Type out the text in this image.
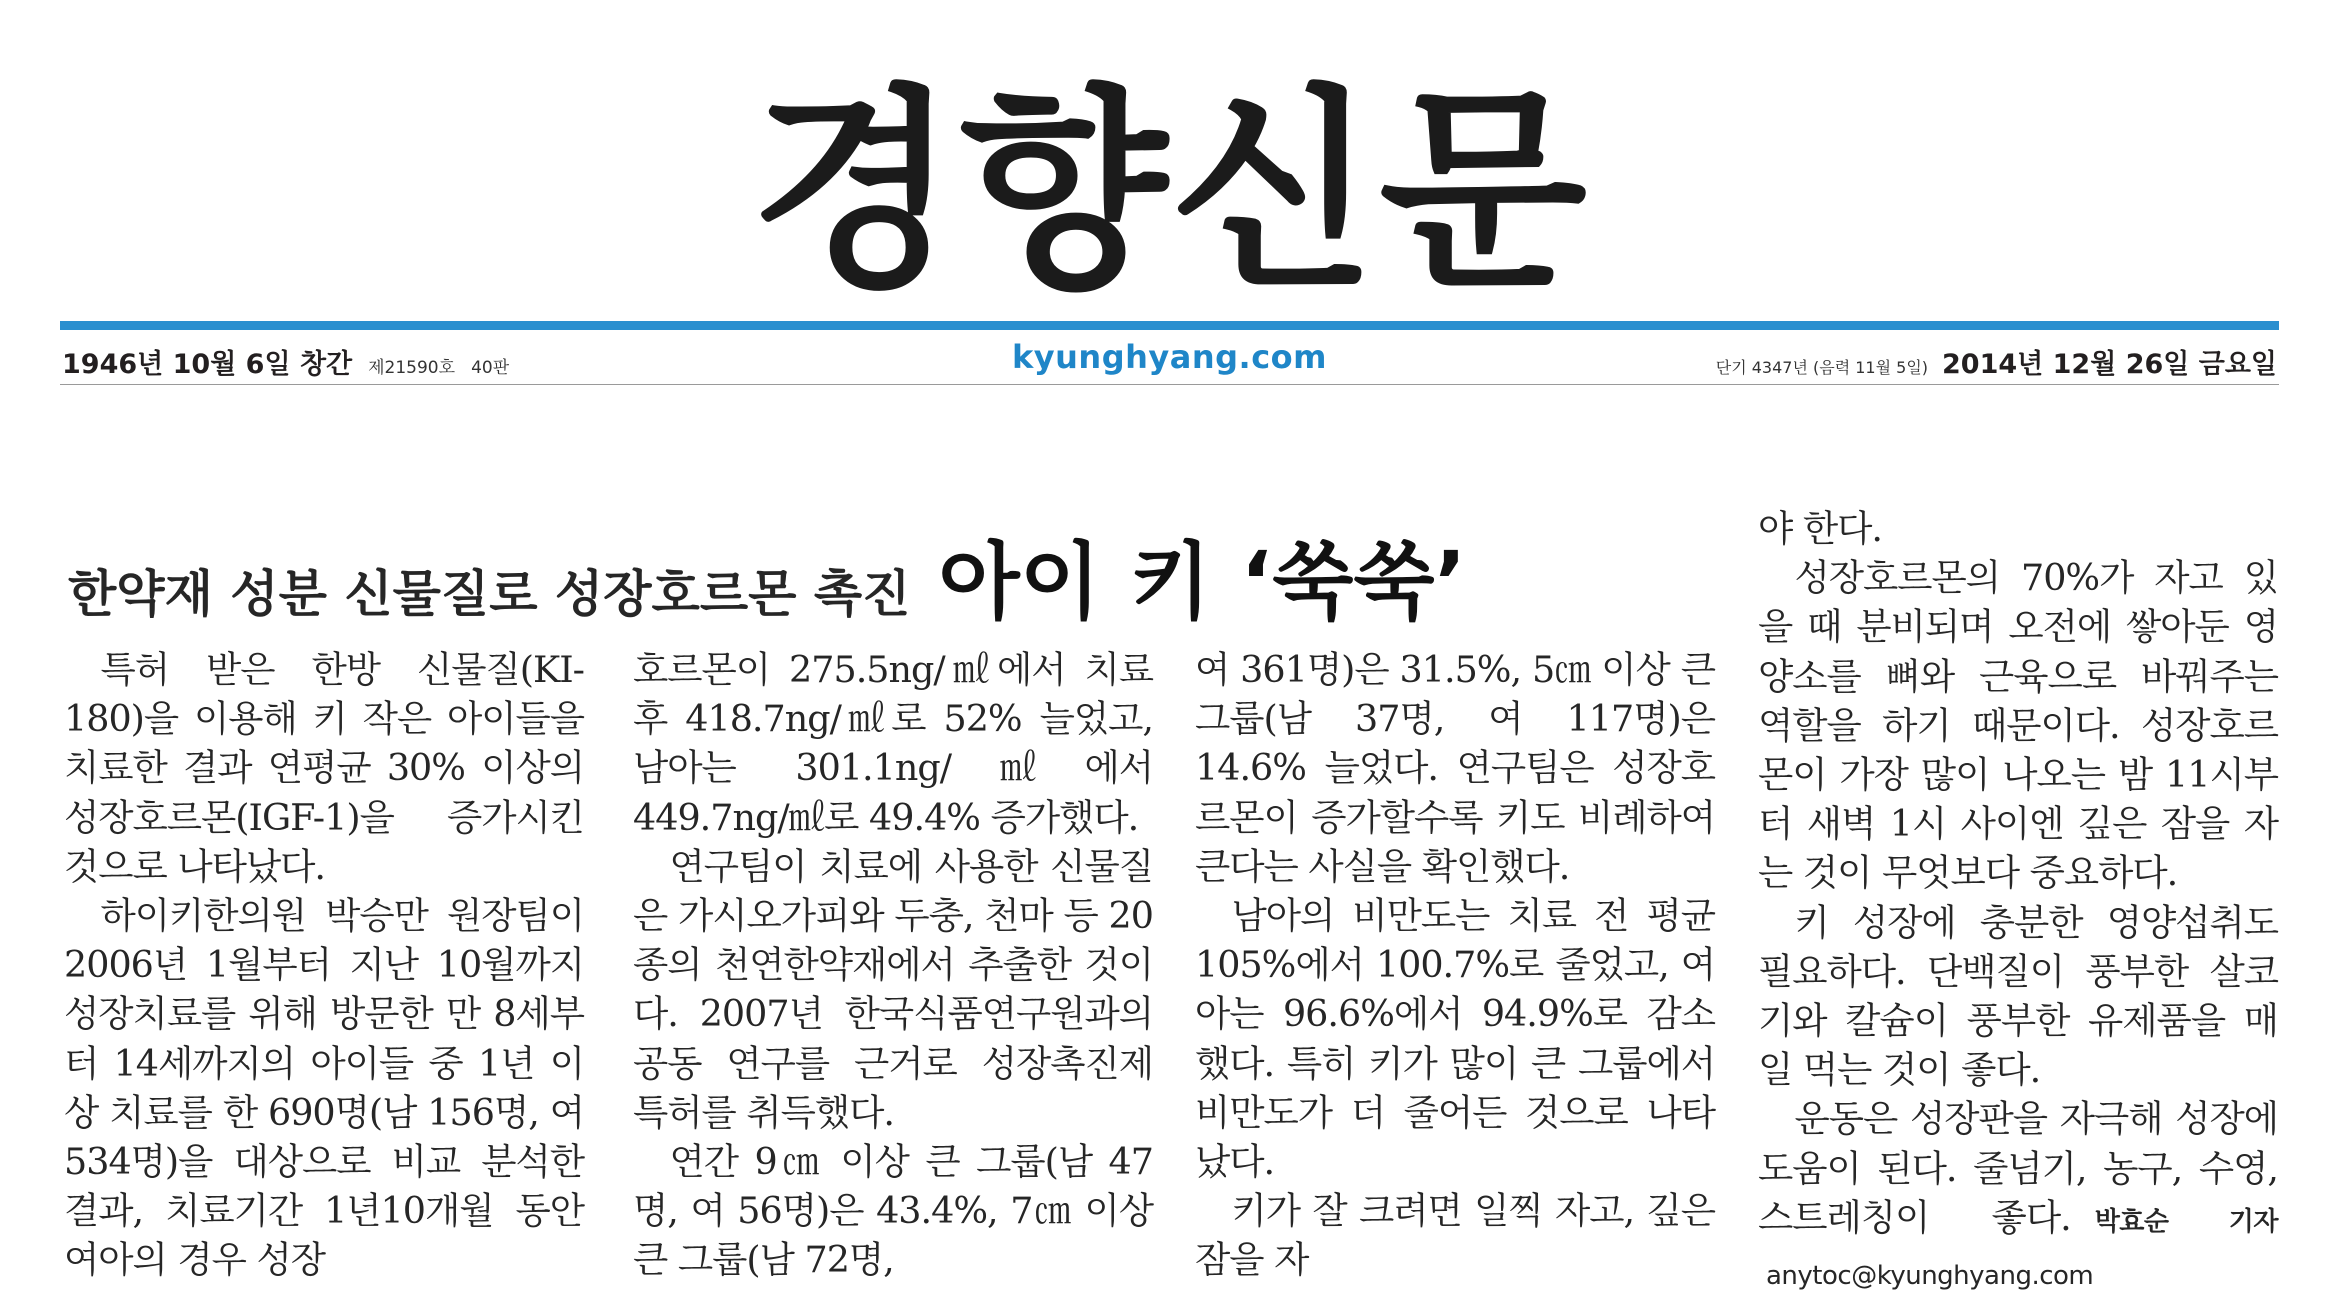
경향신문
1946년 10월 6일 창간 제21590호 40판	kyunghyang.com	단기 4347년 (음력 11월 5일) 2014년 12월 26일 금요일
한약재 성분 신물질로 성장호르몬 촉진 아이 키 ‘쑥쑥’

특허 받은 한방 신물질(KI-180)을 이용해 키 작은 아이들을 치료한 결과 연평균 30% 이상의 성장호르몬(IGF-1)을 증가시킨 것으로 나타났다.

하이키한의원 박승만 원장팀이 2006년 1월부터 지난 10월까지 성장치료를 위해 방문한 만 8세부터 14세까지의 아이들 중 1년 이상 치료를 한 690명(남 156명, 여 534명)을 대상으로 비교 분석한 결과, 치료기간 1년10개월 동안 여아의 경우 성장

호르몬이 275.5ng/㎖에서 치료 후 418.7ng/㎖로 52% 늘었고, 남아는 301.1ng/㎖에서 449.7ng/㎖로 49.4% 증가했다.

연구팀이 치료에 사용한 신물질은 가시오가피와 두충, 천마 등 20종의 천연한약재에서 추출한 것이다. 2007년 한국식품연구원과의 공동 연구를 근거로 성장촉진제 특허를 취득했다.

연간 9㎝ 이상 큰 그룹(남 47명, 여 56명)은 43.4%, 7㎝ 이상 큰 그룹(남 72명,

여 361명)은 31.5%, 5㎝ 이상 큰 그룹(남 37명, 여 117명)은 14.6% 늘었다. 연구팀은 성장호르몬이 증가할수록 키도 비례하여 큰다는 사실을 확인했다.

남아의 비만도는 치료 전 평균 105%에서 100.7%로 줄었고, 여아는 96.6%에서 94.9%로 감소했다. 특히 키가 많이 큰 그룹에서 비만도가 더 줄어든 것으로 나타났다.

키가 잘 크려면 일찍 자고, 깊은 잠을 자

야 한다.

성장호르몬의 70%가 자고 있을 때 분비되며 오전에 쌓아둔 영양소를 뼈와 근육으로 바꿔주는 역할을 하기 때문이다. 성장호르몬이 가장 많이 나오는 밤 11시부터 새벽 1시 사이엔 깊은 잠을 자는 것이 무엇보다 중요하다.

키 성장에 충분한 영양섭취도 필요하다. 단백질이 풍부한 살코기와 칼슘이 풍부한 유제품을 매일 먹는 것이 좋다.

운동은 성장판을 자극해 성장에 도움이 된다. 줄넘기, 농구, 수영, 스트레칭이 좋다. 박효순 기자anytoc@kyunghyang.com
